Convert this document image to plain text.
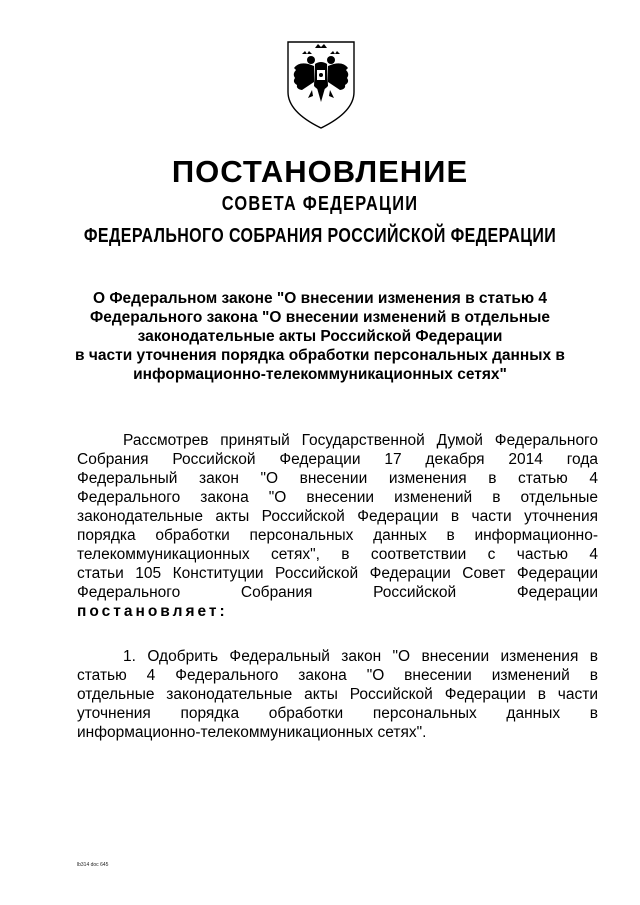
ПОСТАНОВЛЕНИЕ
СОВЕТА ФЕДЕРАЦИИ
ФЕДЕРАЛЬНОГО СОБРАНИЯ РОССИЙСКОЙ ФЕДЕРАЦИИ
О Федеральном законе "О внесении изменения в статью 4
Федерального закона "О внесении изменений в отдельные
законодательные акты Российской Федерации
в части уточнения порядка обработки персональных данных в
информационно-телекоммуникационных сетях"
Рассмотрев принятый Государственной Думой Федерального
Собрания Российской Федерации 17 декабря 2014 года
Федеральный закон "О внесении изменения в статью 4
Федерального закона "О внесении изменений в отдельные
законодательные акты Российской Федерации в части уточнения
порядка обработки персональных данных в информационно-
телекоммуникационных сетях", в соответствии с частью 4
статьи 105 Конституции Российской Федерации Совет Федерации
Федерального Собрания Российской Федерации
постановляет:
1. Одобрить Федеральный закон "О внесении изменения в
статью 4 Федерального закона "О внесении изменений в
отдельные законодательные акты Российской Федерации в части
уточнения порядка обработки персональных данных в
информационно-телекоммуникационных сетях".
lb314 doc 645
